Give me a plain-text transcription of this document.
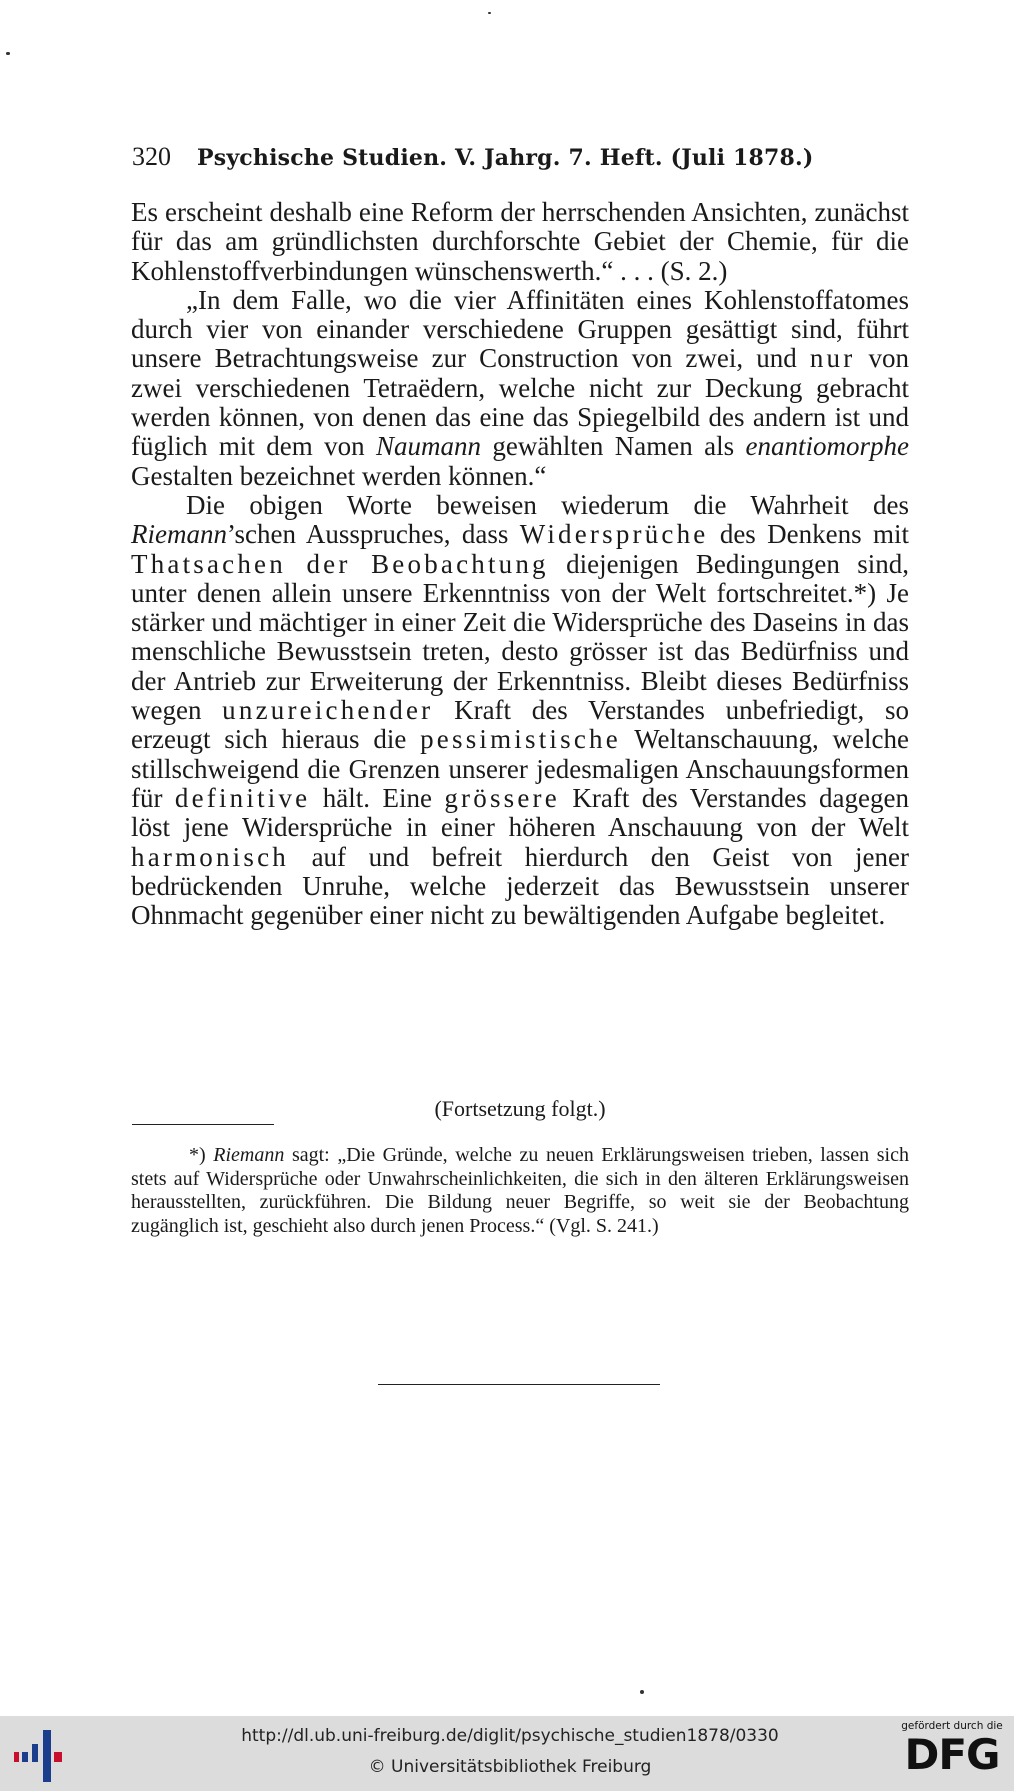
320 Psychische Studien. V. Jahrg. 7. Heft. (Juli 1878.)

Es erscheint deshalb eine Reform der herrschenden Ansichten, zunächst für das am gründlichsten durchforschte Gebiet der Chemie, für die Kohlenstoffverbindungen wünschenswerth.“ . . . (S. 2.)

„In dem Falle, wo die vier Affinitäten eines Kohlenstoffatomes durch vier von einander verschiedene Gruppen gesättigt sind, führt unsere Betrachtungsweise zur Construction von zwei, und nur von zwei verschiedenen Tetraëdern, welche nicht zur Deckung gebracht werden können, von denen das eine das Spiegelbild des andern ist und füglich mit dem von Naumann gewählten Namen als enantiomorphe Gestalten bezeichnet werden können.“

Die obigen Worte beweisen wiederum die Wahrheit des Riemann’schen Ausspruches, dass Widersprüche des Denkens mit Thatsachen der Beobachtung diejenigen Bedingungen sind, unter denen allein unsere Erkenntniss von der Welt fortschreitet.*) Je stärker und mächtiger in einer Zeit die Widersprüche des Daseins in das menschliche Bewusstsein treten, desto grösser ist das Bedürfniss und der Antrieb zur Erweiterung der Erkenntniss. Bleibt dieses Bedürfniss wegen unzureichender Kraft des Verstandes unbefriedigt, so erzeugt sich hieraus die pessimistische Weltanschauung, welche stillschweigend die Grenzen unserer jedesmaligen Anschauungsformen für definitive hält. Eine grössere Kraft des Verstandes dagegen löst jene Widersprüche in einer höheren Anschauung von der Welt harmonisch auf und befreit hierdurch den Geist von jener bedrückenden Unruhe, welche jederzeit das Bewusstsein unserer Ohnmacht gegenüber einer nicht zu bewältigenden Aufgabe begleitet.

(Fortsetzung folgt.)

*) Riemann sagt: „Die Gründe, welche zu neuen Erklärungsweisen trieben, lassen sich stets auf Widersprüche oder Unwahrscheinlichkeiten, die sich in den älteren Erklärungsweisen herausstellten, zurückführen. Die Bildung neuer Begriffe, so weit sie der Beobachtung zugänglich ist, geschieht also durch jenen Process.“ (Vgl. S. 241.)

http://dl.ub.uni-freiburg.de/diglit/psychische_studien1878/0330
© Universitätsbibliothek Freiburg
gefördert durch die
DFG
